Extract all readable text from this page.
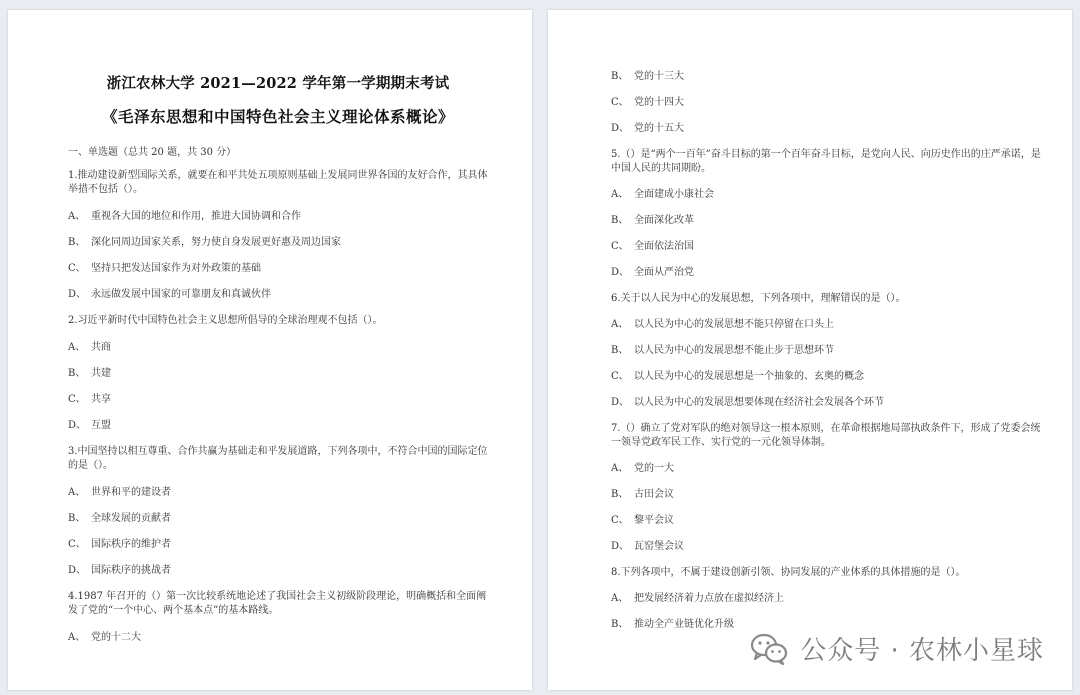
浙江农林大学 2021—2022 学年第一学期期末考试
《毛泽东思想和中国特色社会主义理论体系概论》
一、单选题（总共 20 题，共 30 分）
1.推动建设新型国际关系，就要在和平共处五项原则基础上发展同世界各国的友好合作，其具体举措不包括（）。
A、 重视各大国的地位和作用，推进大国协调和合作
B、 深化同周边国家关系，努力使自身发展更好惠及周边国家
C、 坚持只把发达国家作为对外政策的基础
D、 永远做发展中国家的可靠朋友和真诚伙伴
2.习近平新时代中国特色社会主义思想所倡导的全球治理观不包括（）。
A、 共商
B、 共建
C、 共享
D、 互盟
3.中国坚持以相互尊重、合作共赢为基础走和平发展道路，下列各项中，不符合中国的国际定位的是（）。
A、 世界和平的建设者
B、 全球发展的贡献者
C、 国际秩序的维护者
D、 国际秩序的挑战者
4.1987 年召开的（）第一次比较系统地论述了我国社会主义初级阶段理论，明确概括和全面阐发了党的“一个中心、两个基本点”的基本路线。
A、 党的十二大
B、 党的十三大
C、 党的十四大
D、 党的十五大
5.（）是“两个一百年”奋斗目标的第一个百年奋斗目标，是党向人民、向历史作出的庄严承诺，是中国人民的共同期盼。
A、 全面建成小康社会
B、 全面深化改革
C、 全面依法治国
D、 全面从严治党
6.关于以人民为中心的发展思想，下列各项中，理解错误的是（）。
A、 以人民为中心的发展思想不能只停留在口头上
B、 以人民为中心的发展思想不能止步于思想环节
C、 以人民为中心的发展思想是一个抽象的、玄奥的概念
D、 以人民为中心的发展思想要体现在经济社会发展各个环节
7.（）确立了党对军队的绝对领导这一根本原则，在革命根据地局部执政条件下，形成了党委会统一领导党政军民工作、实行党的一元化领导体制。
A、 党的一大
B、 古田会议
C、 黎平会议
D、 瓦窑堡会议
8.下列各项中，不属于建设创新引领、协同发展的产业体系的具体措施的是（）。
A、 把发展经济着力点放在虚拟经济上
B、 推动全产业链优化升级
公众号 · 农林小星球
